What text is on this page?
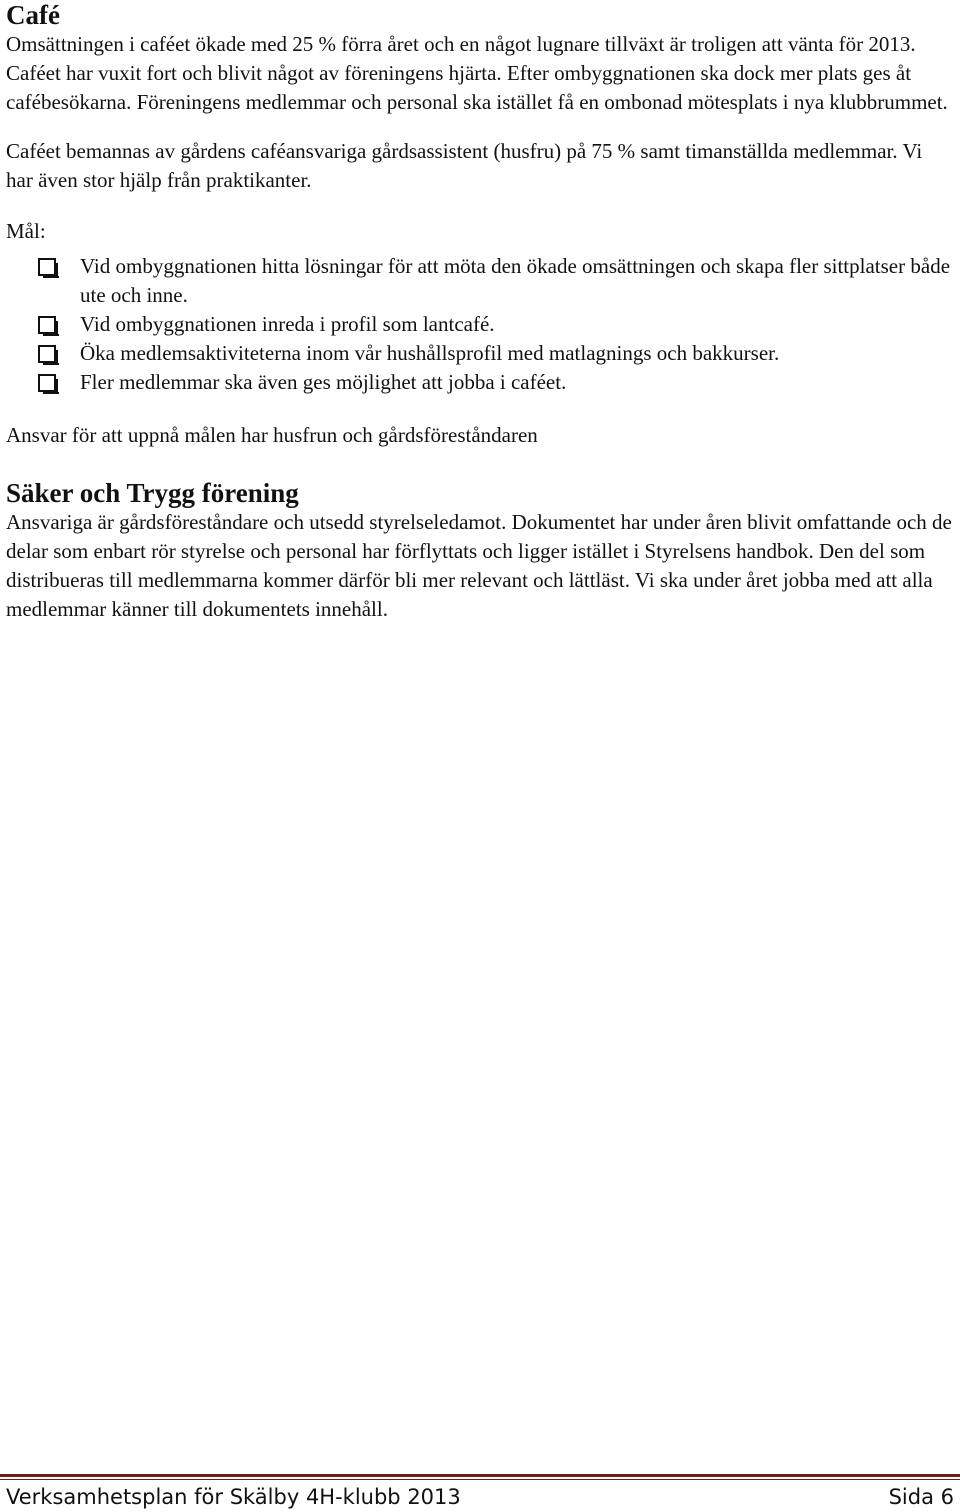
Café

Omsättningen i caféet ökade med 25 % förra året och en något lugnare tillväxt är troligen att vänta för 2013. Caféet har vuxit fort och blivit något av föreningens hjärta. Efter ombyggnationen ska dock mer plats ges åt cafébesökarna. Föreningens medlemmar och personal ska istället få en ombonad mötesplats i nya klubbrummet.

Caféet bemannas av gårdens caféansvariga gårdsassistent (husfru) på 75 % samt timanställda medlemmar. Vi har även stor hjälp från praktikanter.

Mål:
Vid ombyggnationen hitta lösningar för att möta den ökade omsättningen och skapa fler sittplatser både ute och inne.
Vid ombyggnationen inreda i profil som lantcafé.
Öka medlemsaktiviteterna inom vår hushållsprofil med matlagnings och bakkurser.
Fler medlemmar ska även ges möjlighet att jobba i caféet.

Ansvar för att uppnå målen har husfrun och gårdsföreståndaren

Säker och Trygg förening

Ansvariga är gårdsföreståndare och utsedd styrelseledamot. Dokumentet har under åren blivit omfattande och de delar som enbart rör styrelse och personal har förflyttats och ligger istället i Styrelsens handbok. Den del som distribueras till medlemmarna kommer därför bli mer relevant och lättläst. Vi ska under året jobba med att alla medlemmar känner till dokumentets innehåll.

Verksamhetsplan för Skälby 4H-klubb 2013	Sida 6
